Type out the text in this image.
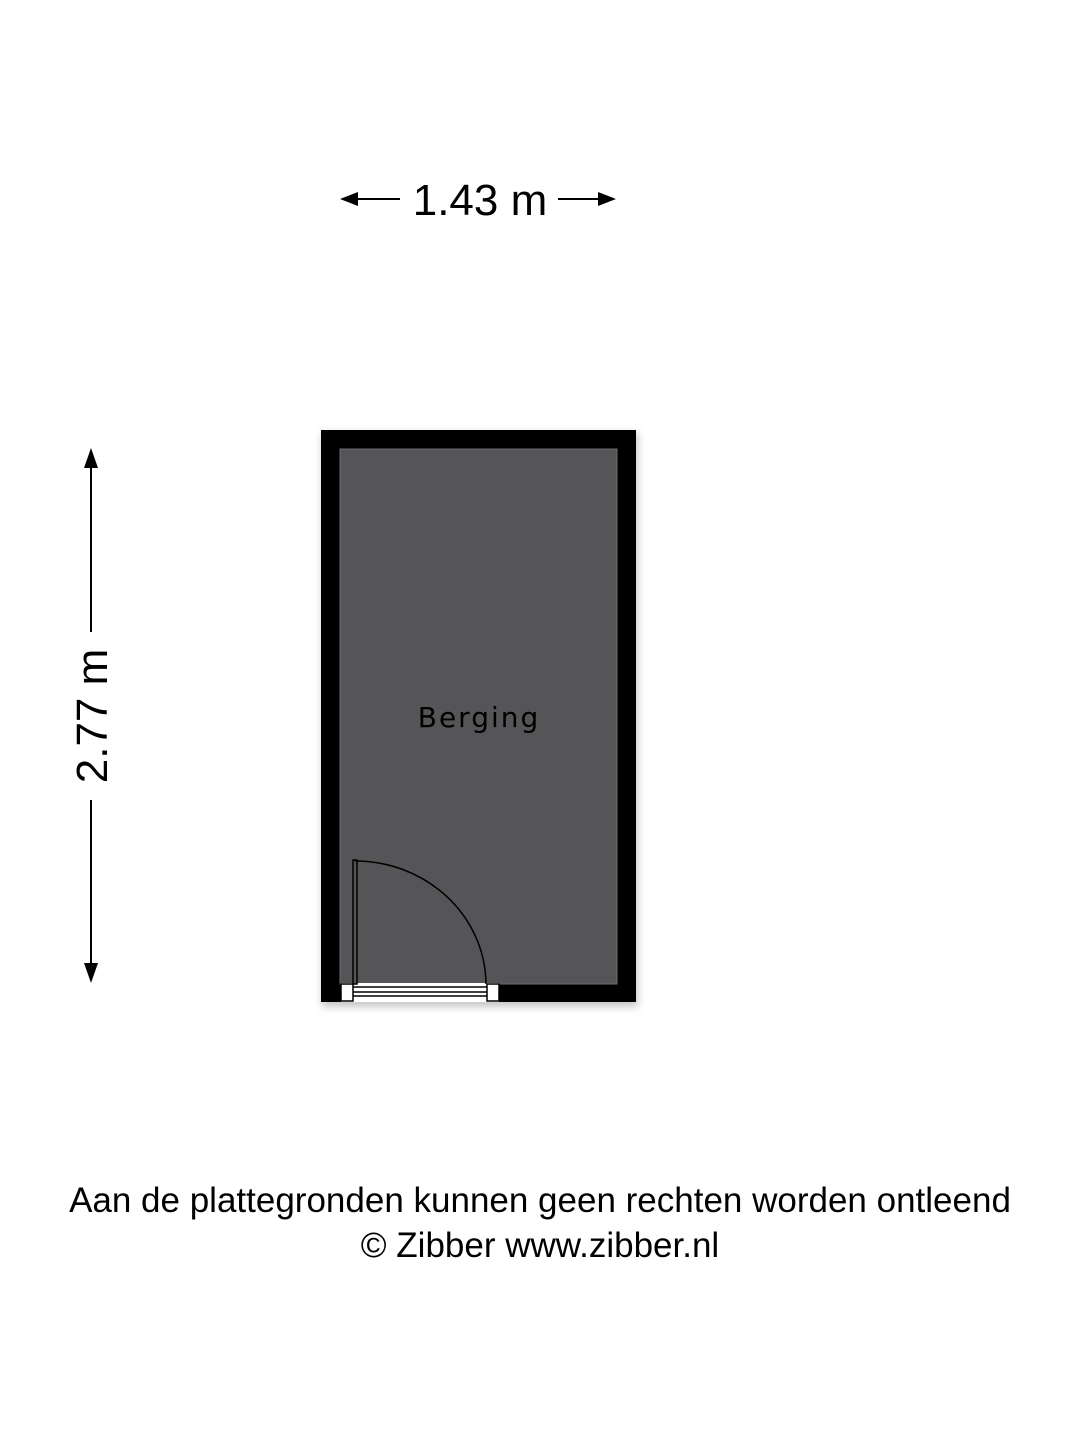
1.43 m
2.77 m	Berging
Aan de plattegronden kunnen geen rechten worden ontleend
© Zibber www.zibber.nl
